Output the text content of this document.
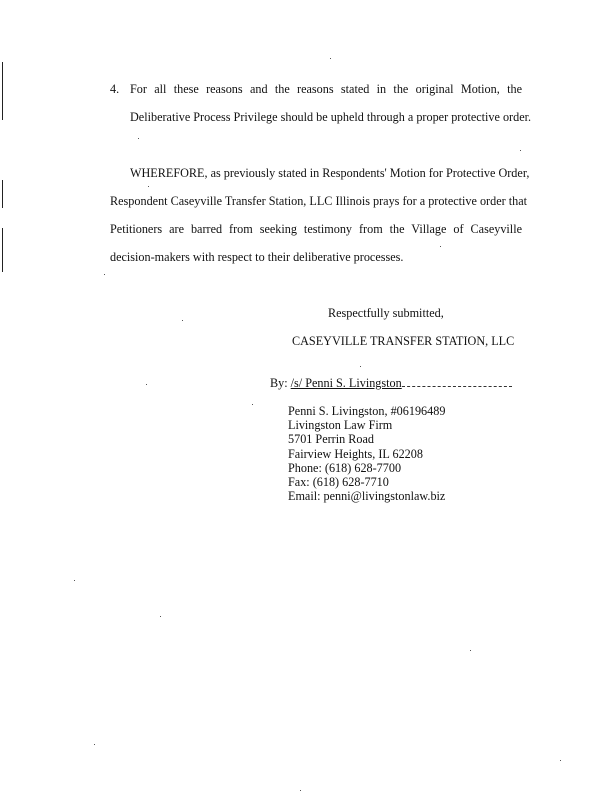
4. For all these reasons and the reasons stated in the original Motion, the
Deliberative Process Privilege should be upheld through a proper protective order.
WHEREFORE, as previously stated in Respondents' Motion for Protective Order,
Respondent Caseyville Transfer Station, LLC Illinois prays for a protective order that
Petitioners are barred from seeking testimony from the Village of Caseyville
decision-makers with respect to their deliberative processes.
Respectfully submitted,
CASEYVILLE TRANSFER STATION, LLC
By: /s/ Penni S. Livingston
Penni S. Livingston, #06196489
Livingston Law Firm
5701 Perrin Road
Fairview Heights, IL 62208
Phone: (618) 628-7700
Fax: (618) 628-7710
Email: penni@livingstonlaw.biz
